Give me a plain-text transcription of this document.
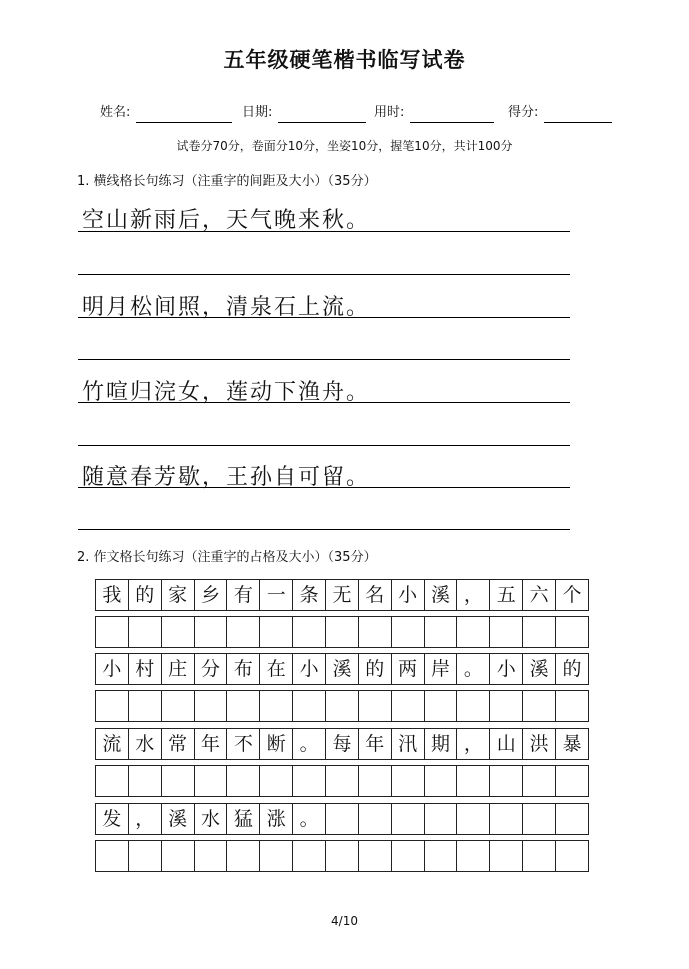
五年级硬笔楷书临写试卷
姓名:	日期:	用时:	得分:
试卷分70分，卷面分10分，坐姿10分，握笔10分，共计100分
1. 横线格长句练习（注重字的间距及大小）（35分）
空山新雨后，天气晚来秋。
明月松间照，清泉石上流。
竹喧归浣女，莲动下渔舟。
随意春芳歇，王孙自可留。
2. 作文格长句练习（注重字的占格及大小）（35分）
我 的 家 乡 有 一 条 无 名 小 溪 ， 五 六 个
小 村 庄 分 布 在 小 溪 的 两 岸 。 小 溪 的
流 水 常 年 不 断 。 每 年 汛 期 ， 山 洪 暴
发 ， 溪 水 猛 涨 。
4/10
